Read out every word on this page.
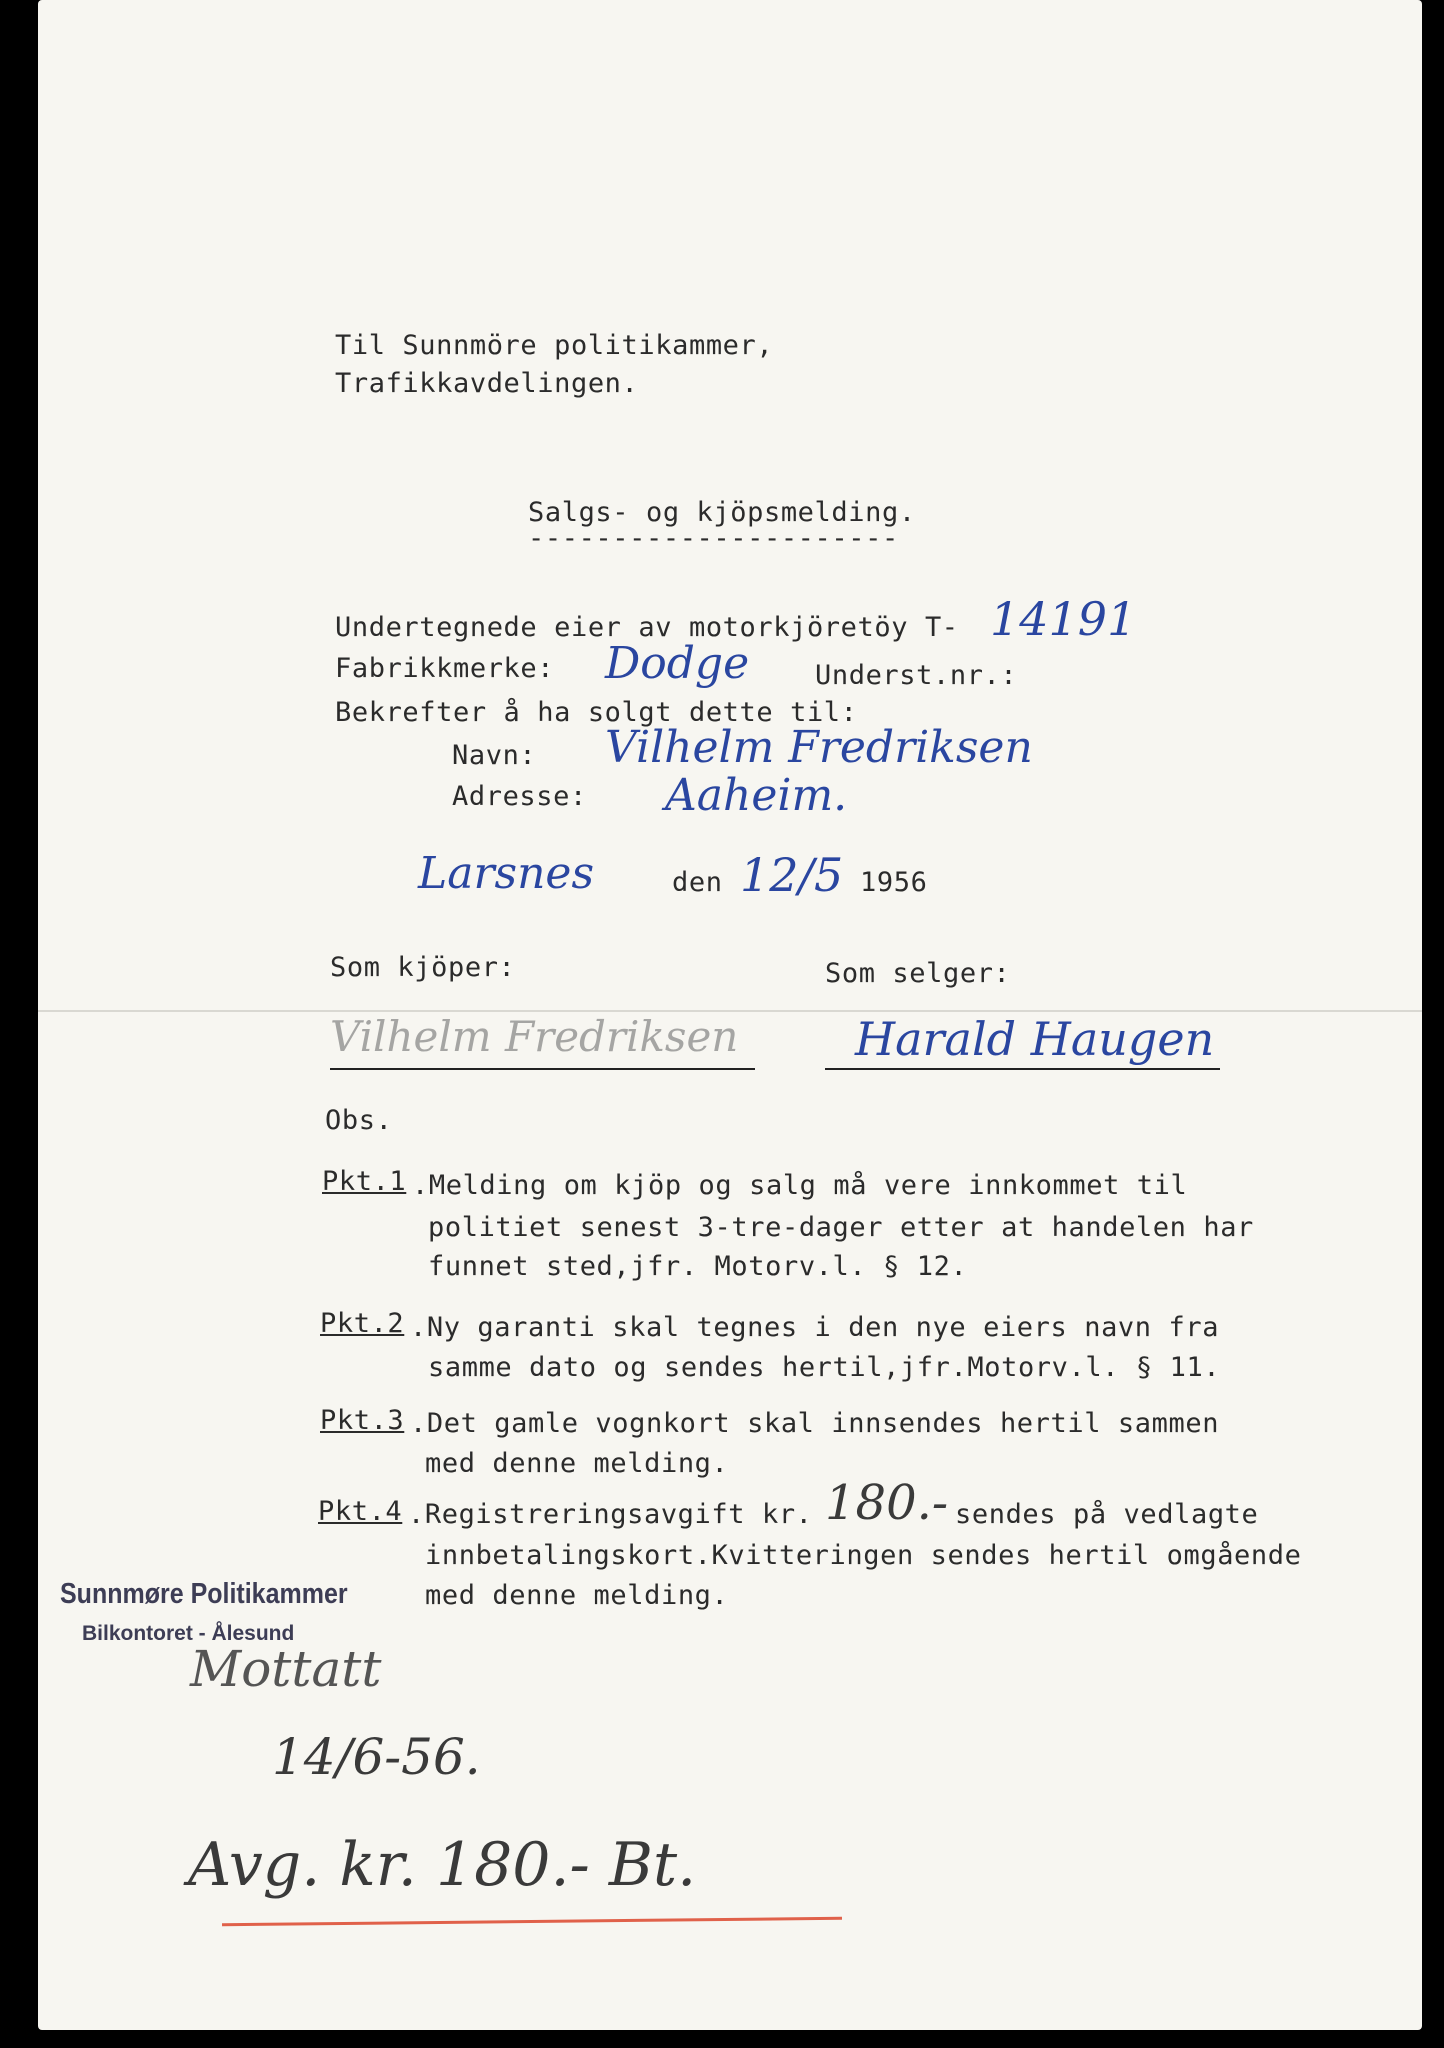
Til Sunnmöre politikammer,
Trafikkavdelingen.
Salgs- og kjöpsmelding.
----------------------
Undertegnede eier av motorkjöretöy T- 14191
Fabrikkmerke: Dodge Underst.nr.:
Bekrefter å ha solgt dette til:
Navn: Vilhelm Fredriksen
Adresse: Aaheim.
Larsnes	den 12/5 1956
Som kjöper:	Som selger:
Vilhelm Fredriksen	Harald Haugen
Obs.
Pkt.1 .Melding om kjöp og salg må vere innkommet til
politiet senest 3-tre-dager etter at handelen har
funnet sted,jfr. Motorv.l. § 12.
Pkt.2 .Ny garanti skal tegnes i den nye eiers navn fra
samme dato og sendes hertil,jfr.Motorv.l. § 11.
Pkt.3 .Det gamle vognkort skal innsendes hertil sammen
med denne melding.
Pkt.4 .Registreringsavgift kr. 180.- sendes på vedlagte
innbetalingskort.Kvitteringen sendes hertil omgående
med denne melding.
Sunnmøre Politikammer
Bilkontoret - Ålesund
Mottatt
14/6-56.
Avg. kr. 180.- Bt.
